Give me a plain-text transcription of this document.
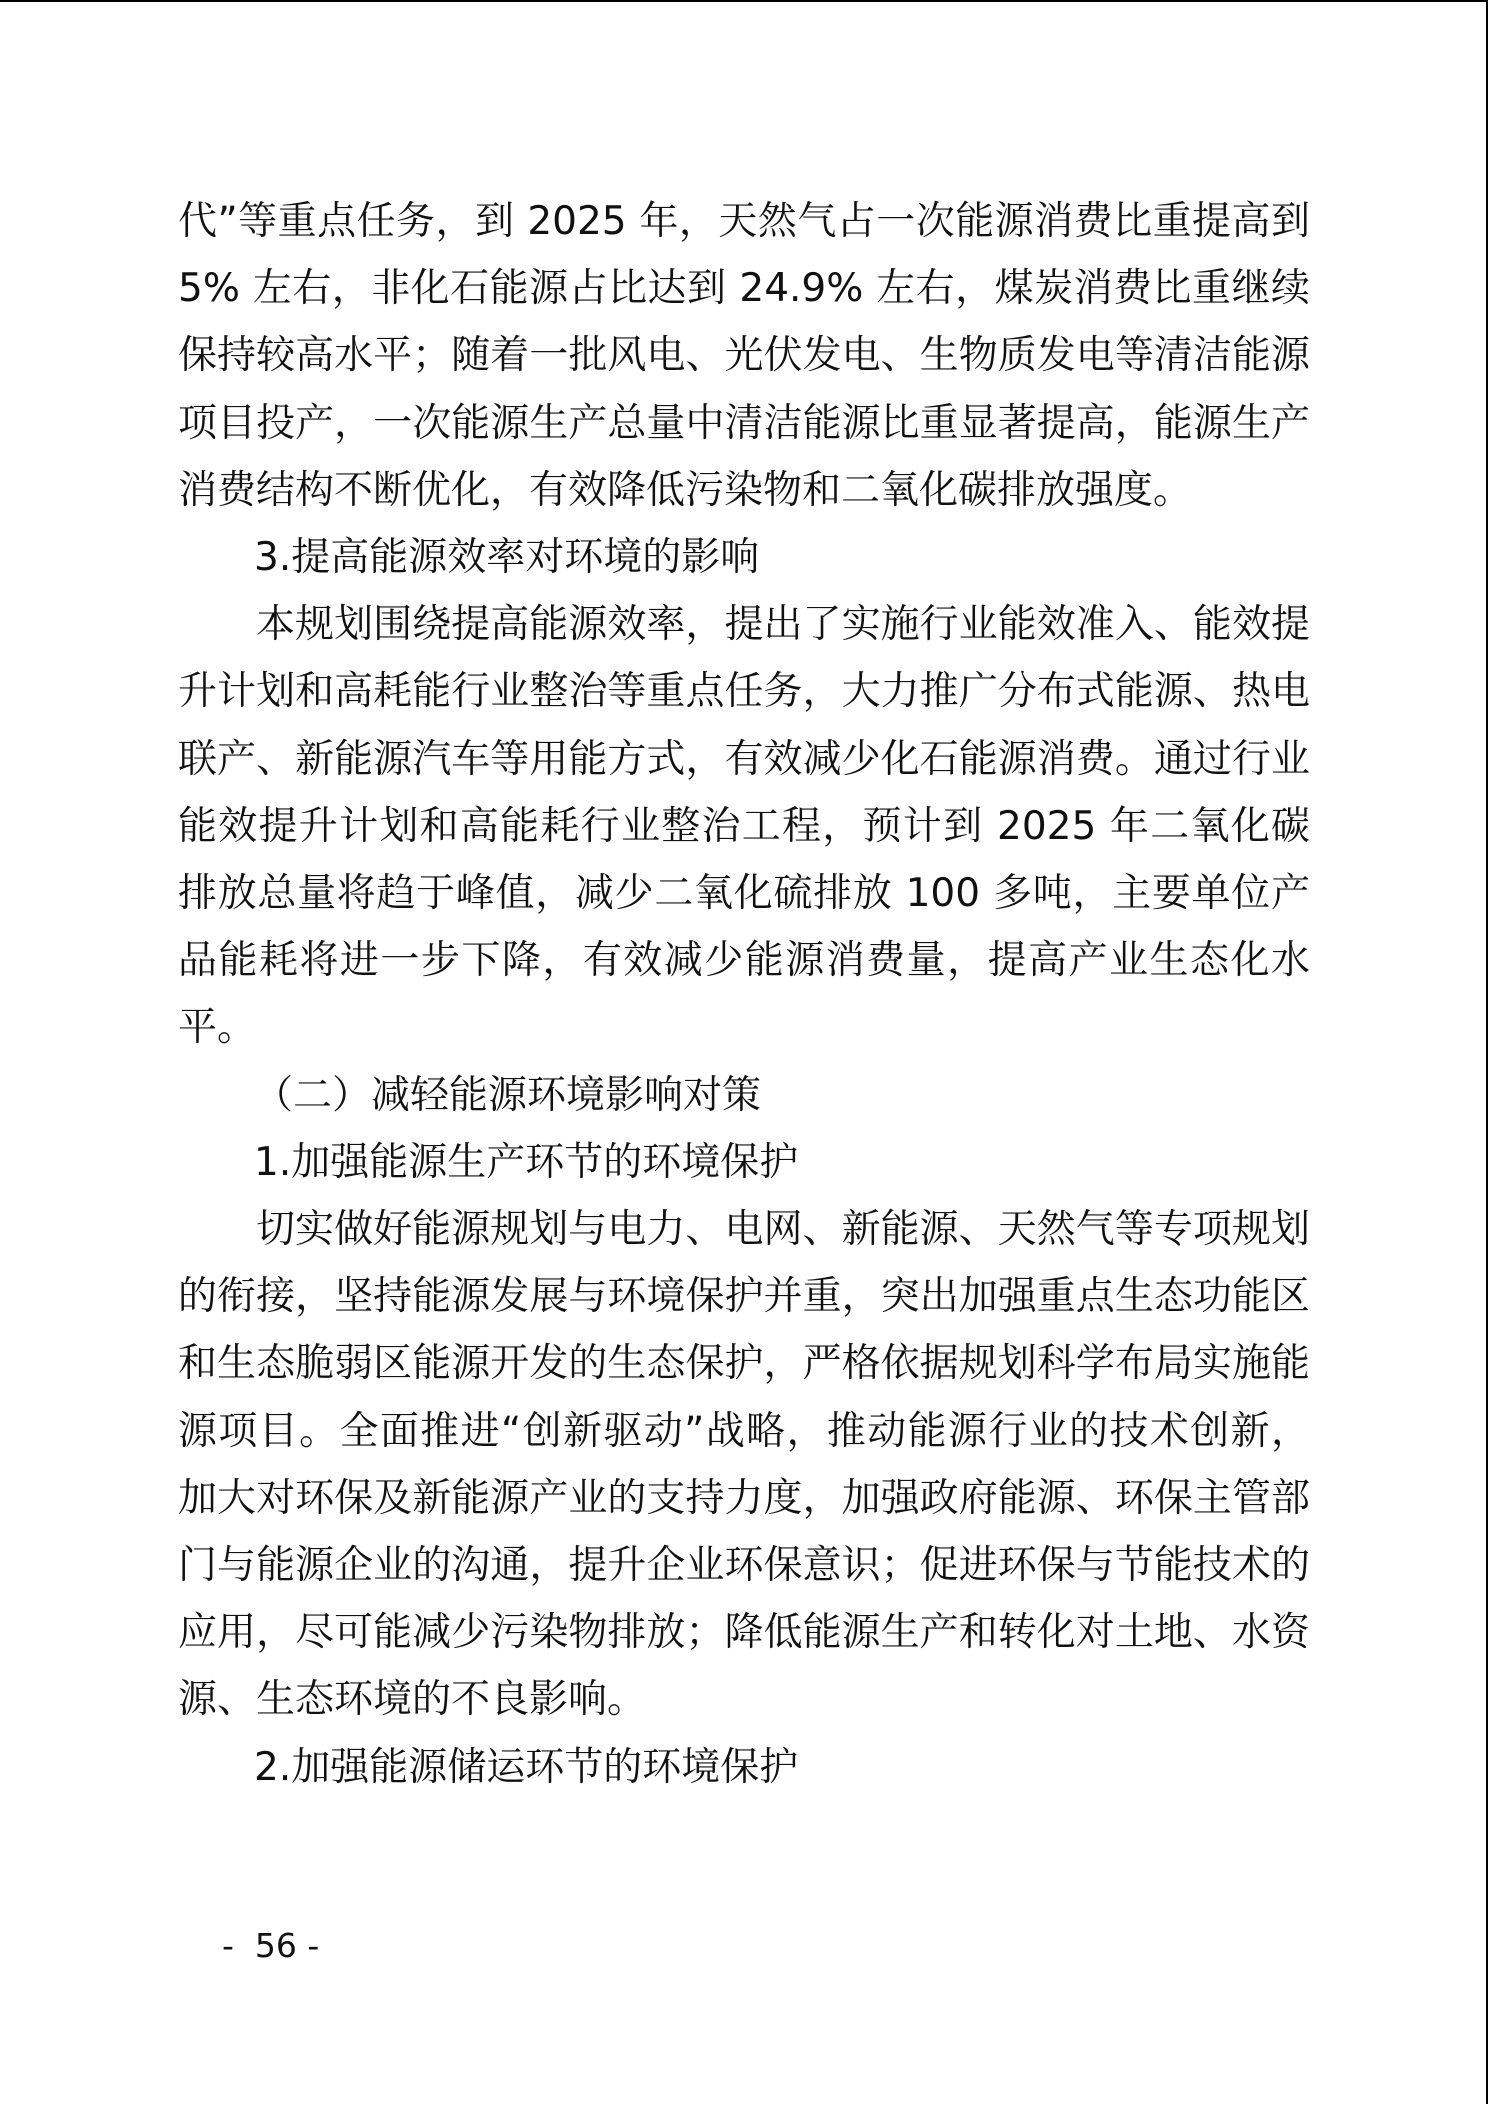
代”等重点任务，到 2025 年，天然气占一次能源消费比重提高到 5% 左右，非化石能源占比达到 24.9% 左右，煤炭消费比重继续保持较高水平；随着一批风电、光伏发电、生物质发电等清洁能源项目投产，一次能源生产总量中清洁能源比重显著提高，能源生产消费结构不断优化，有效降低污染物和二氧化碳排放强度。

3.提高能源效率对环境的影响

本规划围绕提高能源效率，提出了实施行业能效准入、能效提升计划和高耗能行业整治等重点任务，大力推广分布式能源、热电联产、新能源汽车等用能方式，有效减少化石能源消费。通过行业能效提升计划和高能耗行业整治工程，预计到 2025 年二氧化碳排放总量将趋于峰值，减少二氧化硫排放 100 多吨，主要单位产品能耗将进一步下降，有效减少能源消费量，提高产业生态化水平。

（二）减轻能源环境影响对策

1.加强能源生产环节的环境保护

切实做好能源规划与电力、电网、新能源、天然气等专项规划的衔接，坚持能源发展与环境保护并重，突出加强重点生态功能区和生态脆弱区能源开发的生态保护，严格依据规划科学布局实施能源项目。全面推进“创新驱动”战略，推动能源行业的技术创新，加大对环保及新能源产业的支持力度，加强政府能源、环保主管部门与能源企业的沟通，提升企业环保意识；促进环保与节能技术的应用，尽可能减少污染物排放；降低能源生产和转化对土地、水资源、生态环境的不良影响。

2.加强能源储运环节的环境保护

-  56 -
